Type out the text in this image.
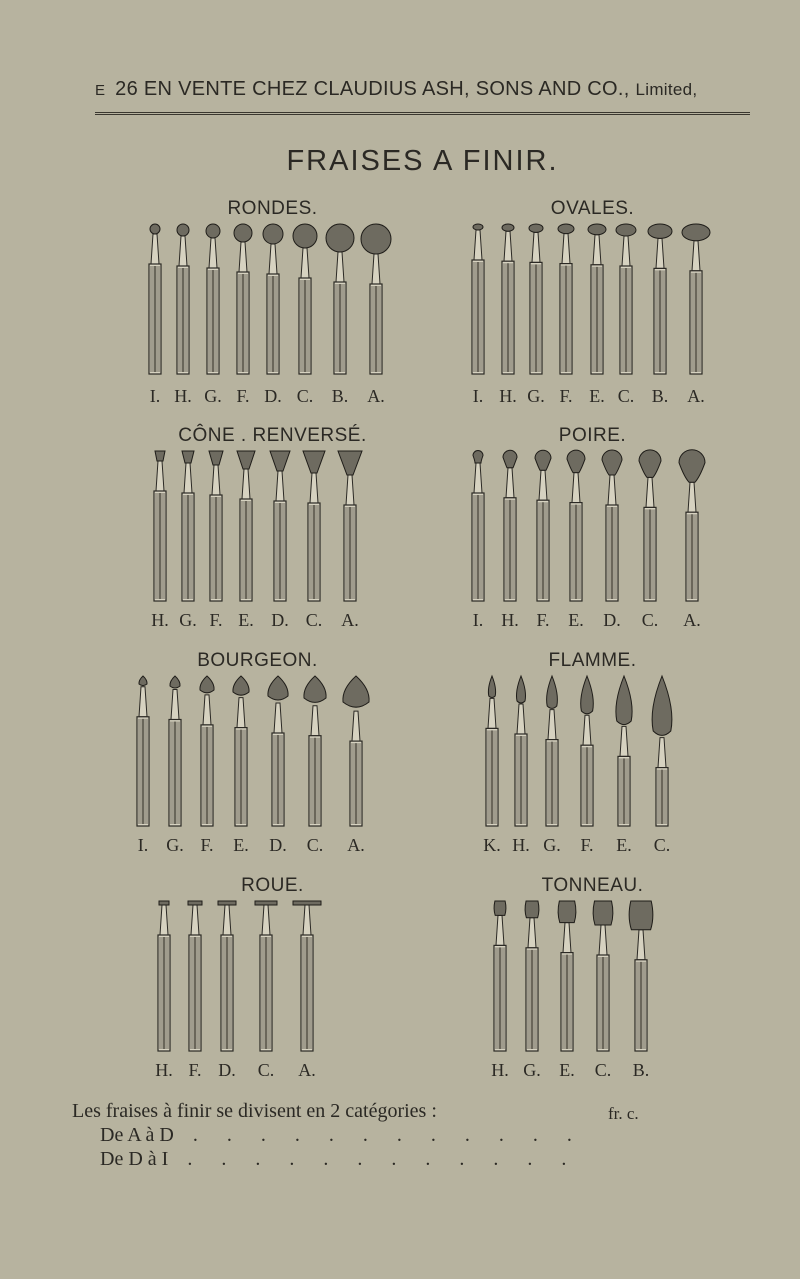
E 26 EN VENTE CHEZ CLAUDIUS ASH, SONS AND CO., Limited,
FRAISES A FINIR.
RONDES.
I. H. G. F. D. C. B. A.
OVALES.
I. H. G. F. E. C. B. A.
CÔNE . RENVERSÉ.
H. G. F. E. D. C. A.
POIRE.
I. H. F. E. D. C. A.
BOURGEON.
I. G. F. E. D. C. A.
FLAMME.
K. H. G. F. E. C.
ROUE.
H. F. D. C. A.
TONNEAU.
H. G. E. C. B.
Les fraises à finir se divisent en 2 catégories :	fr. c.
De A à D . . . . . . . . . . . .
De D à I . . . . . . . . . . . .
